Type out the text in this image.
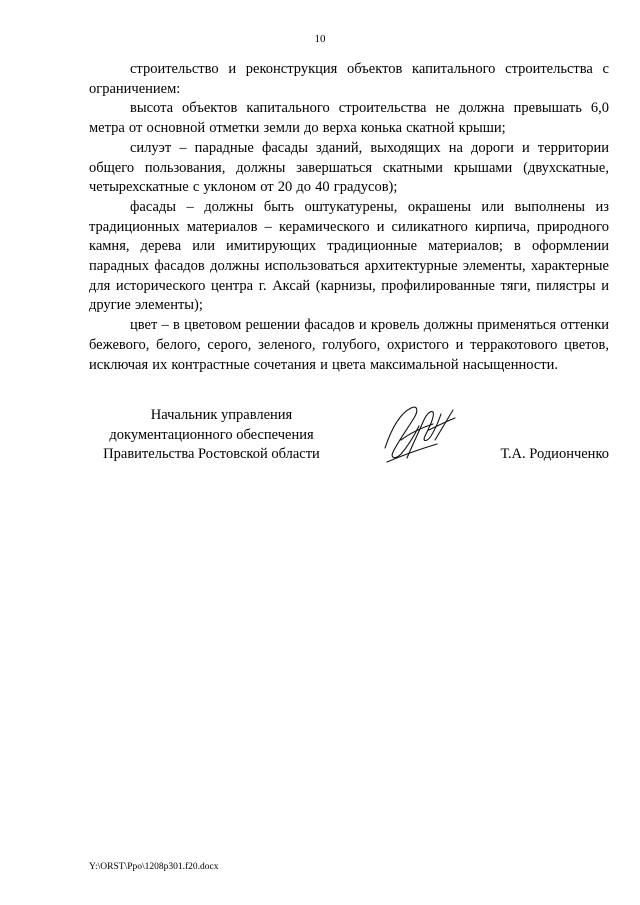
10

строительство и реконструкция объектов капитального строительства с ограничением:

высота объектов капитального строительства не должна превышать 6,0 метра от основной отметки земли до верха конька скатной крыши;

силуэт – парадные фасады зданий, выходящих на дороги и территории общего пользования, должны завершаться скатными крышами (двухскатные, четырехскатные с уклоном от 20 до 40 градусов);

фасады – должны быть оштукатурены, окрашены или выполнены из традиционных материалов – керамического и силикатного кирпича, природного камня, дерева или имитирующих традиционные материалов; в оформлении парадных фасадов должны использоваться архитектурные элементы, характерные для исторического центра г. Аксай (карнизы, профилированные тяги, пилястры и другие элементы);

цвет – в цветовом решении фасадов и кровель должны применяться оттенки бежевого, белого, серого, зеленого, голубого, охристого и терракотового цветов, исключая их контрастные сочетания и цвета максимальной насыщенности.

Начальник управления
документационного обеспечения
Правительства Ростовской области	Т.А. Родионченко
Y:\ORST\Ppo\1208p301.f20.docx
